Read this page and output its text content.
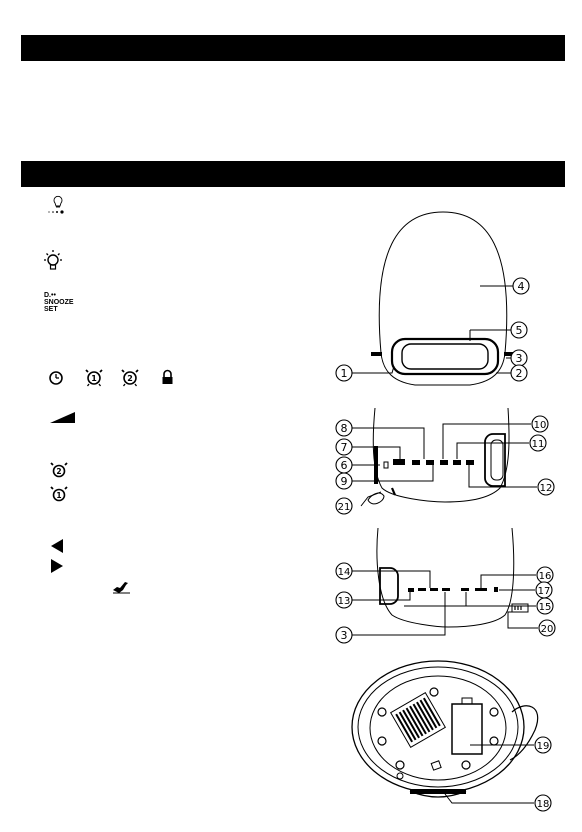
1	2
2
1
D.••
SNOOZE
SET
4
5
3
2
1
8
7
6
9
21
10
11
12
14
13
3
16
17
15
20
19
18
